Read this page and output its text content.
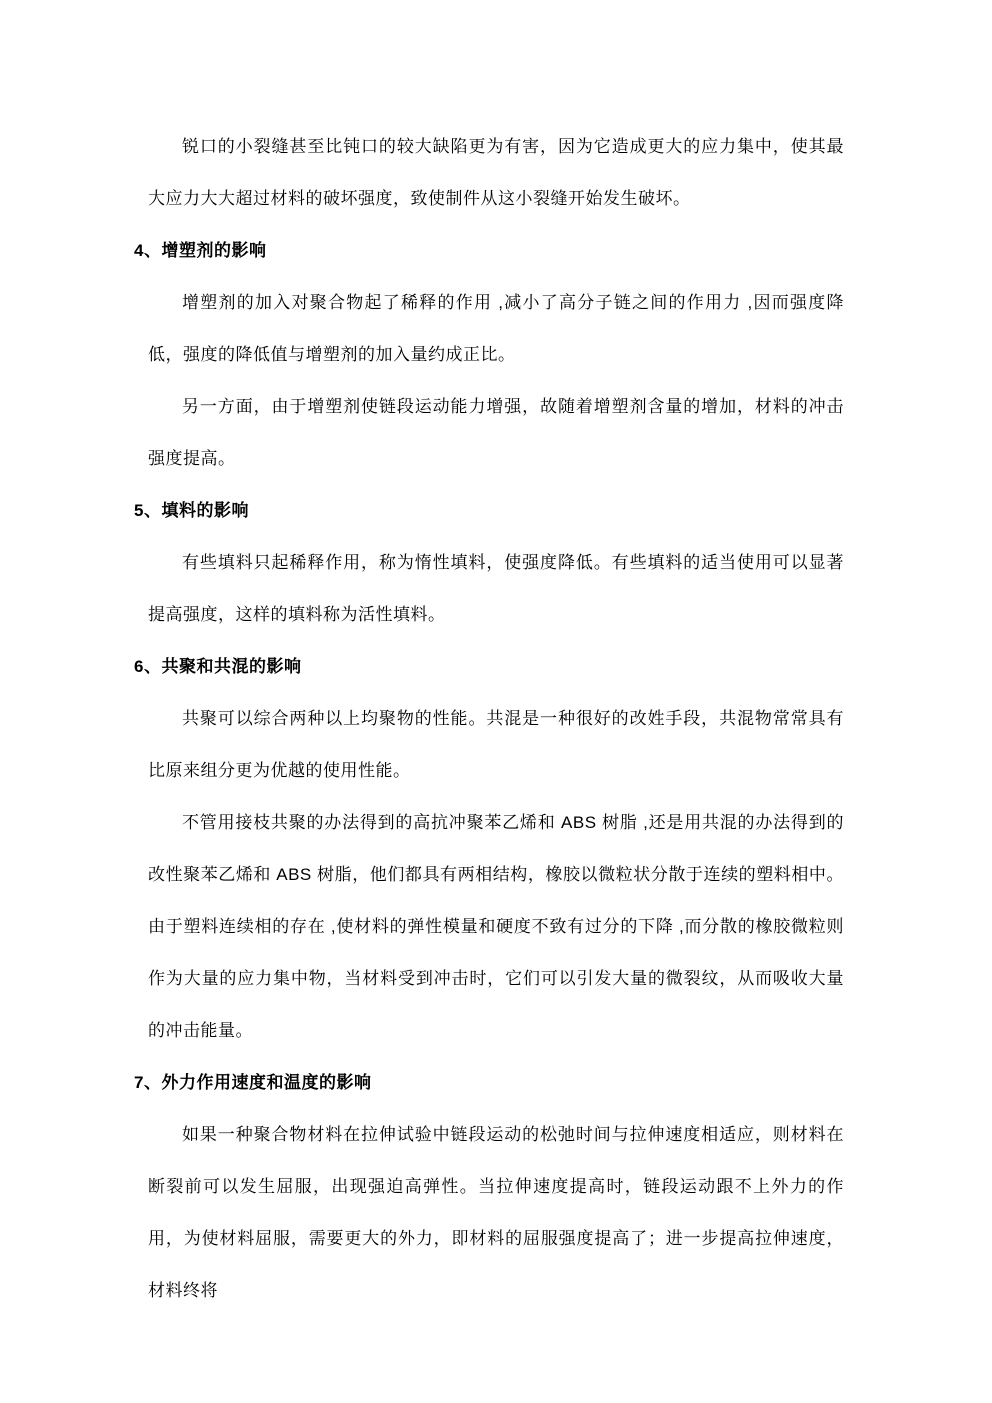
锐口的小裂缝甚至比钝口的较大缺陷更为有害，因为它造成更大的应力集中，使其最大应力大大超过材料的破坏强度，致使制件从这小裂缝开始发生破坏。

4、增塑剂的影响

增塑剂的加入对聚合物起了稀释的作用 ,减小了高分子链之间的作用力 ,因而强度降低，强度的降低值与增塑剂的加入量约成正比。

另一方面，由于增塑剂使链段运动能力增强，故随着增塑剂含量的增加，材料的冲击强度提高。

5、填料的影响

有些填料只起稀释作用，称为惰性填料，使强度降低。有些填料的适当使用可以显著提高强度，这样的填料称为活性填料。

6、共聚和共混的影响

共聚可以综合两种以上均聚物的性能。共混是一种很好的改姓手段，共混物常常具有比原来组分更为优越的使用性能。

不管用接枝共聚的办法得到的高抗冲聚苯乙烯和 ABS 树脂 ,还是用共混的办法得到的改性聚苯乙烯和 ABS 树脂，他们都具有两相结构，橡胶以微粒状分散于连续的塑料相中。由于塑料连续相的存在 ,使材料的弹性模量和硬度不致有过分的下降 ,而分散的橡胶微粒则作为大量的应力集中物，当材料受到冲击时，它们可以引发大量的微裂纹，从而吸收大量的冲击能量。

7、外力作用速度和温度的影响

如果一种聚合物材料在拉伸试验中链段运动的松弛时间与拉伸速度相适应，则材料在断裂前可以发生屈服，出现强迫高弹性。当拉伸速度提高时，链段运动跟不上外力的作用，为使材料屈服，需要更大的外力，即材料的屈服强度提高了；进一步提高拉伸速度，材料终将
